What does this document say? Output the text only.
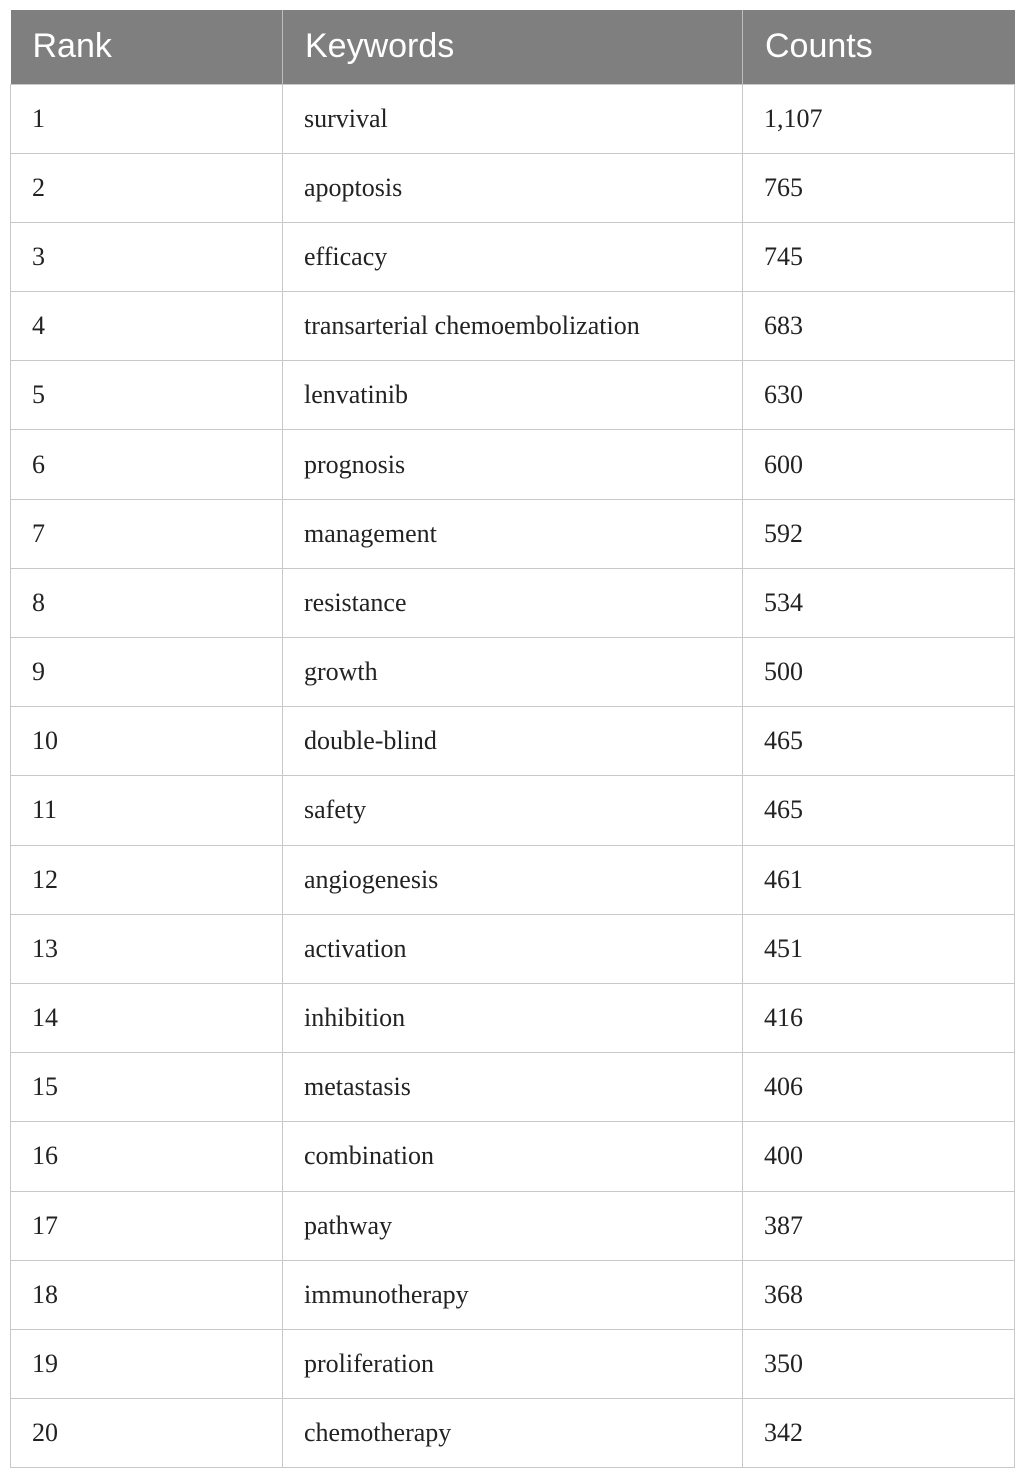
Rank	Keywords	Counts
1	survival	1,107
2	apoptosis	765
3	efficacy	745
4	transarterial chemoembolization	683
5	lenvatinib	630
6	prognosis	600
7	management	592
8	resistance	534
9	growth	500
10	double-blind	465
11	safety	465
12	angiogenesis	461
13	activation	451
14	inhibition	416
15	metastasis	406
16	combination	400
17	pathway	387
18	immunotherapy	368
19	proliferation	350
20	chemotherapy	342
